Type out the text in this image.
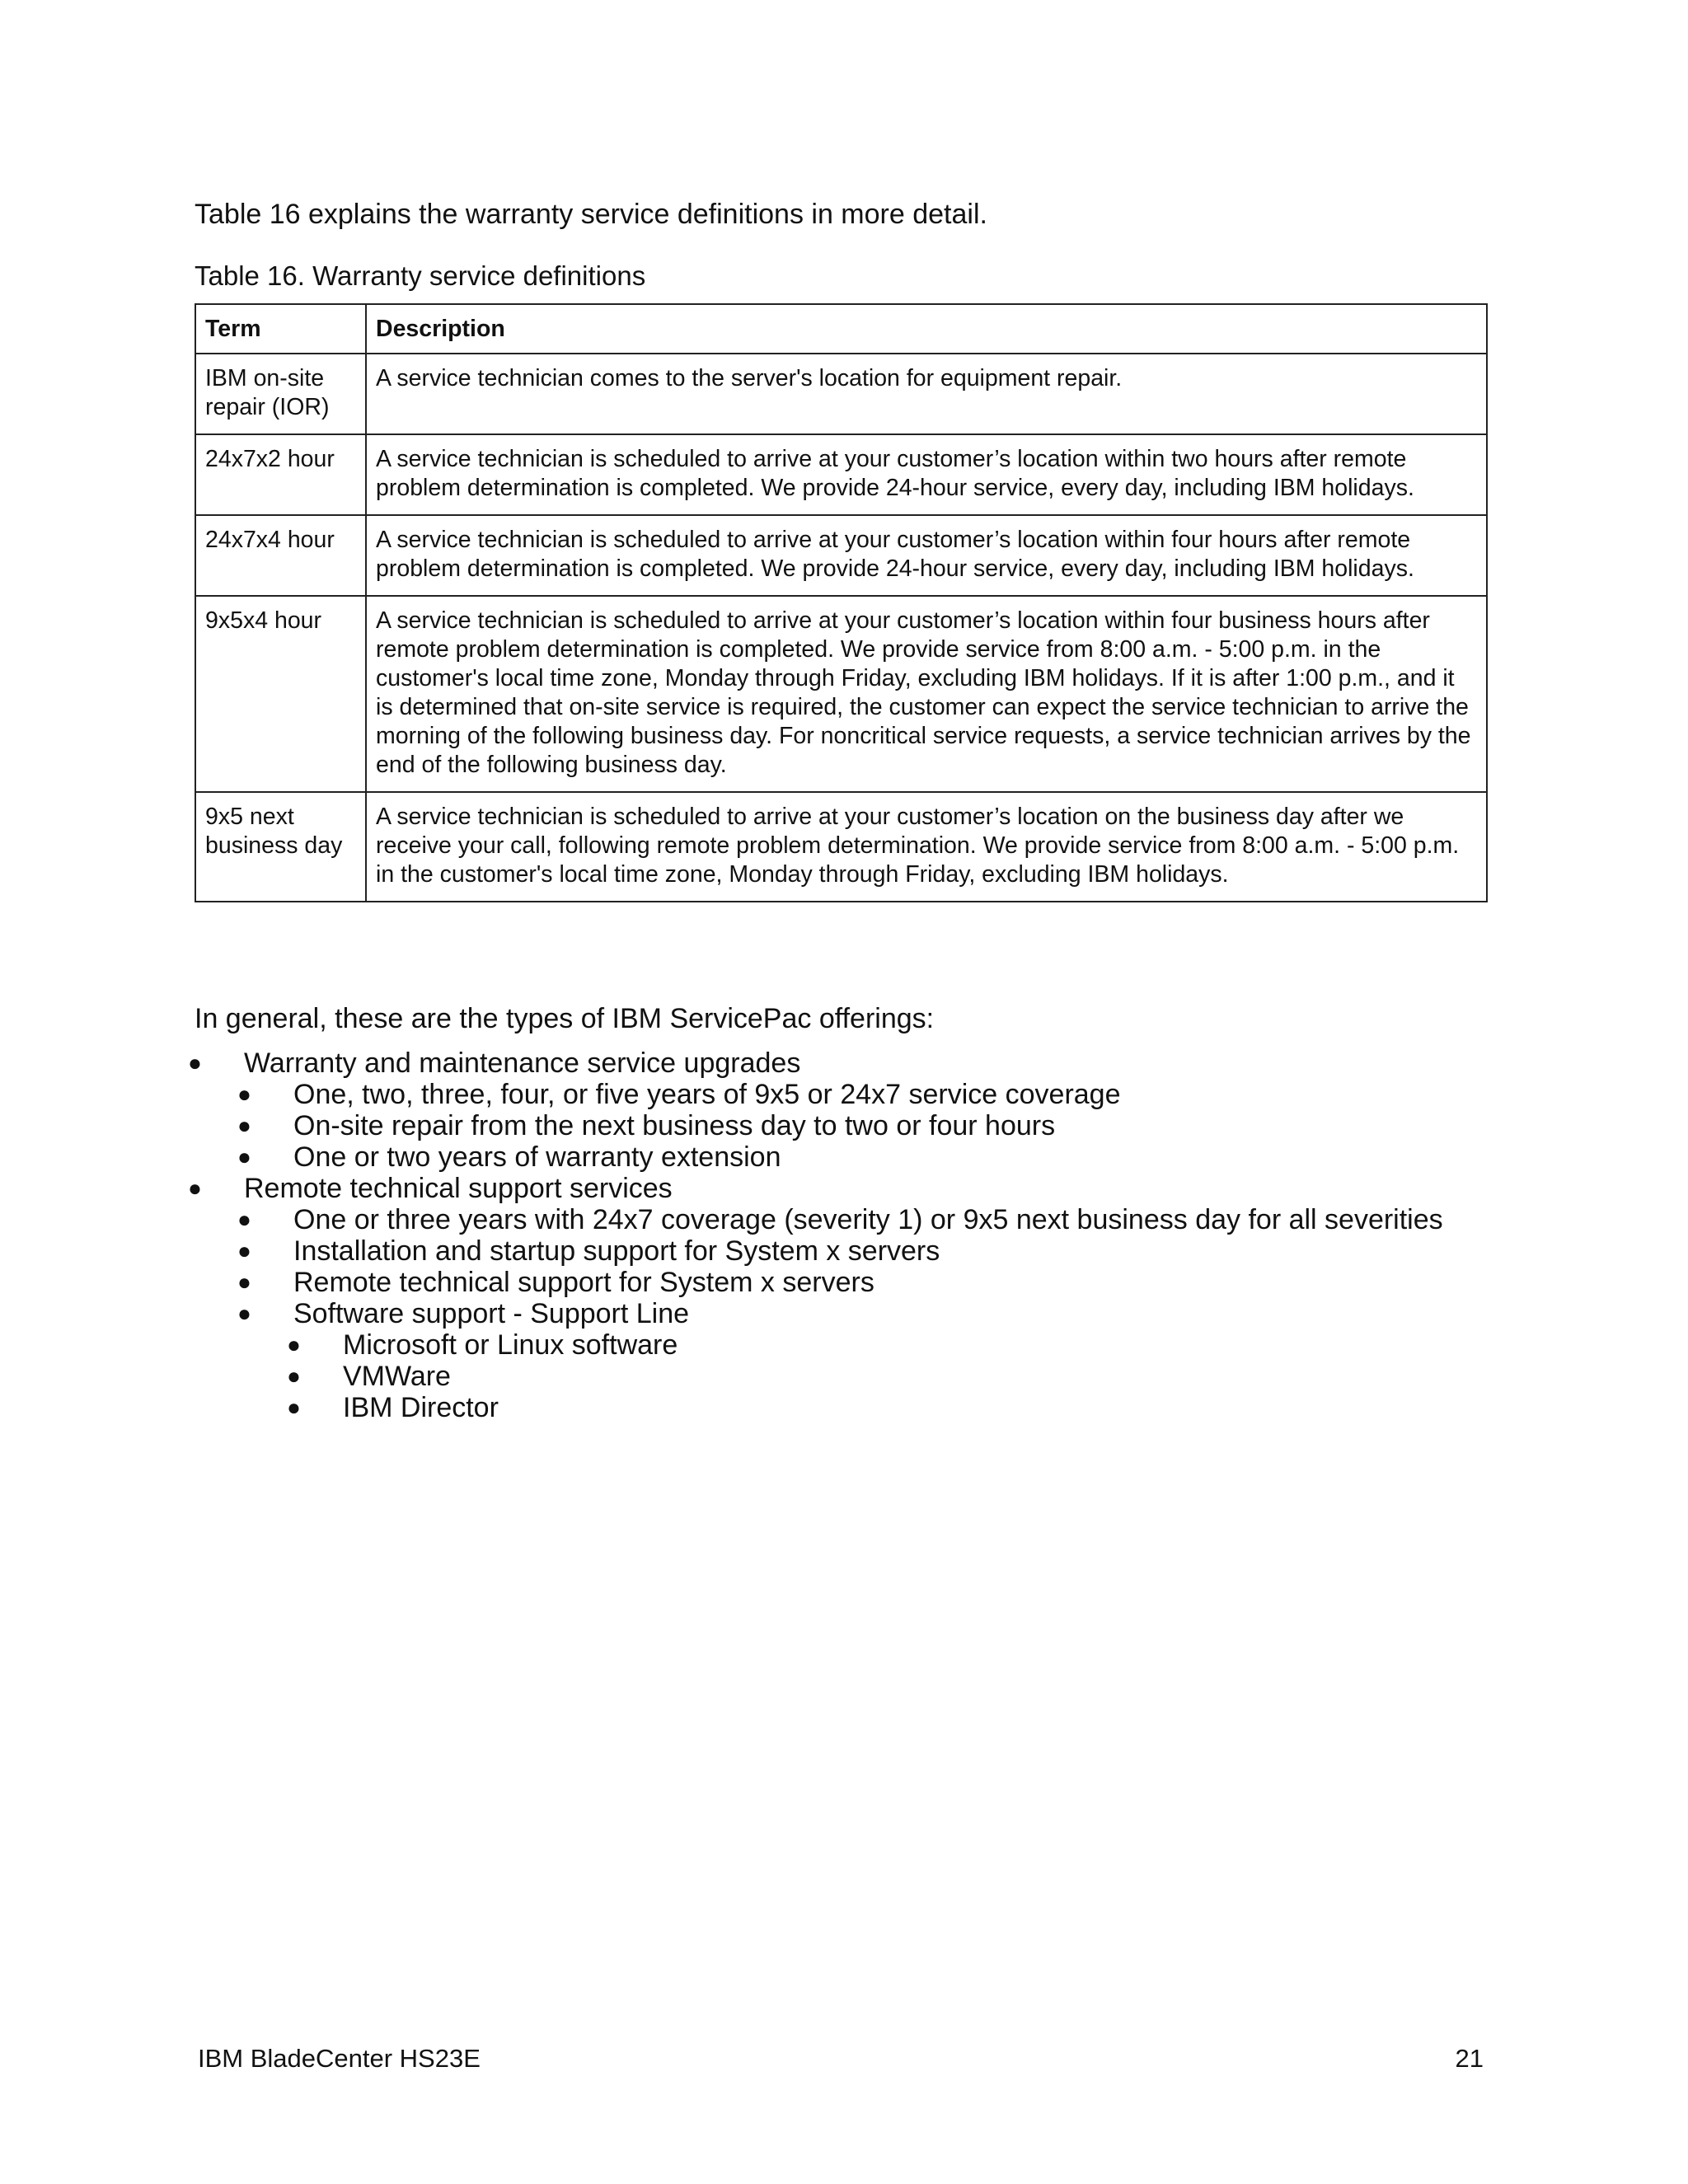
Table 16 explains the warranty service definitions in more detail.

Table 16. Warranty service definitions

Term	Description
IBM on-site repair (IOR)	A service technician comes to the server's location for equipment repair.
24x7x2 hour	A service technician is scheduled to arrive at your customer’s location within two hours after remote problem determination is completed. We provide 24-hour service, every day, including IBM holidays.
24x7x4 hour	A service technician is scheduled to arrive at your customer’s location within four hours after remote problem determination is completed. We provide 24-hour service, every day, including IBM holidays.
9x5x4 hour	A service technician is scheduled to arrive at your customer’s location within four business hours after remote problem determination is completed. We provide service from 8:00 a.m. - 5:00 p.m. in the customer's local time zone, Monday through Friday, excluding IBM holidays. If it is after 1:00 p.m., and it is determined that on-site service is required, the customer can expect the service technician to arrive the morning of the following business day. For noncritical service requests, a service technician arrives by the end of the following business day.
9x5 next business day	A service technician is scheduled to arrive at your customer’s location on the business day after we receive your call, following remote problem determination. We provide service from 8:00 a.m. - 5:00 p.m. in the customer's local time zone, Monday through Friday, excluding IBM holidays.

In general, these are the types of IBM ServicePac offerings:

● Warranty and maintenance service upgrades
● One, two, three, four, or five years of 9x5 or 24x7 service coverage
● On-site repair from the next business day to two or four hours
● One or two years of warranty extension
● Remote technical support services
● One or three years with 24x7 coverage (severity 1) or 9x5 next business day for all severities
● Installation and startup support for System x servers
● Remote technical support for System x servers
● Software support - Support Line
● Microsoft or Linux software
● VMWare
● IBM Director
IBM BladeCenter HS23E	21
